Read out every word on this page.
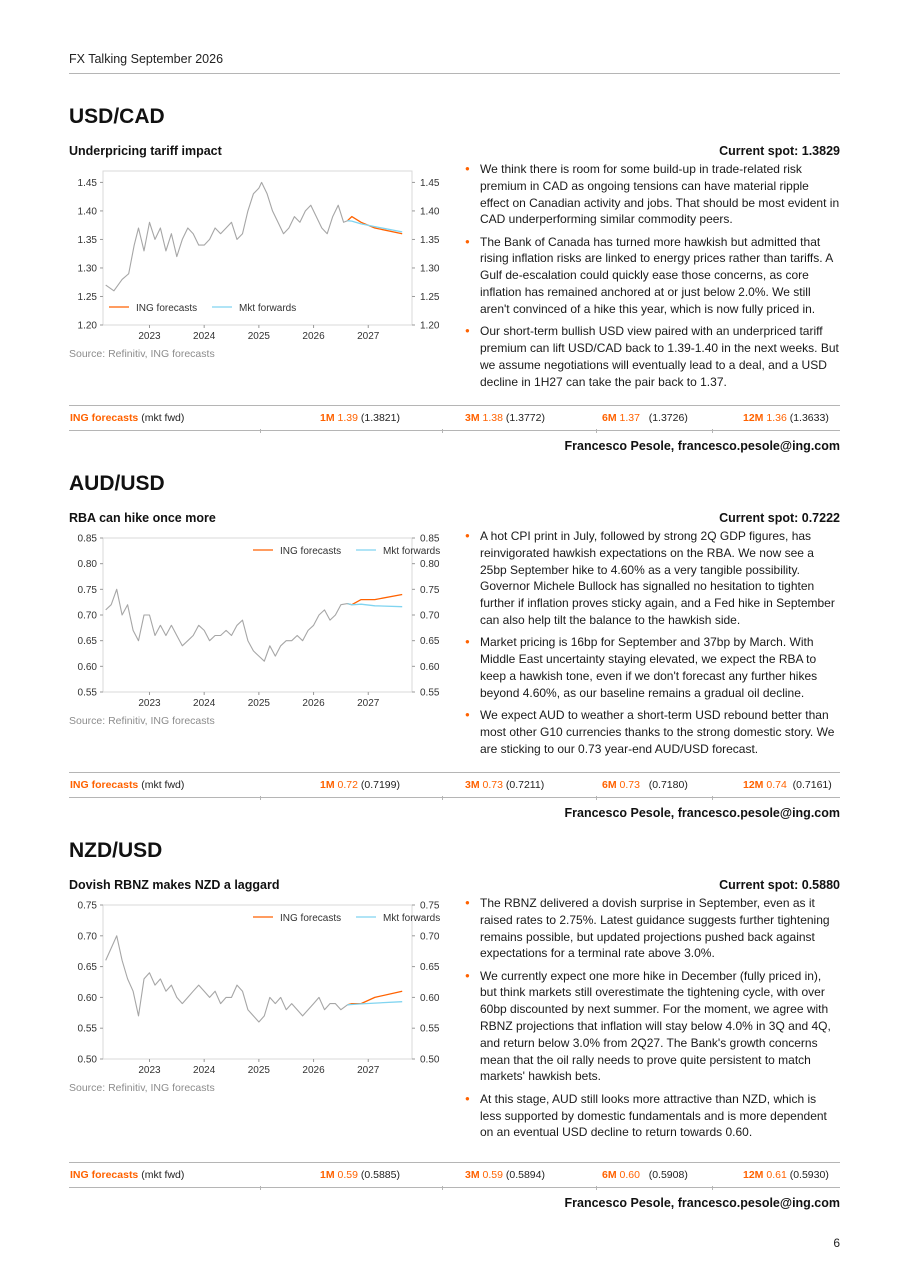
FX Talking September 2026
USD/CAD
Underpricing tariff impact	Current spot: 1.3829
1.20	1.20
1.25	1.25
1.30	1.30
1.35	1.35
1.40	1.40
1.45	1.45
2023	2024	2025	2026	2027
ING forecasts	Mkt forwards
Source: Refinitiv, ING forecasts
● We think there is room for some build-up in trade-related risk premium in CAD as ongoing tensions can have material ripple effect on Canadian activity and jobs. That should be most evident in CAD underperforming similar commodity peers.
● The Bank of Canada has turned more hawkish but admitted that rising inflation risks are linked to energy prices rather than tariffs. A Gulf de-escalation could quickly ease those concerns, as core inflation has remained anchored at or just below 2.0%. We still aren't convinced of a hike this year, which is now fully priced in.
● Our short-term bullish USD view paired with an underpriced tariff premium can lift USD/CAD back to 1.39-1.40 in the next weeks. But we assume negotiations will eventually lead to a deal, and a USD decline in 1H27 can take the pair back to 1.37.
ING forecasts (mkt fwd)	1M 1.39 (1.3821)	3M 1.38 (1.3772)	6M 1.37 (1.3726)	12M 1.36 (1.3633)
Francesco Pesole, francesco.pesole@ing.com
AUD/USD
RBA can hike once more	Current spot: 0.7222
0.55	0.55
0.60	0.60
0.65	0.65
0.70	0.70
0.75	0.75
0.80	0.80
0.85	0.85
2023	2024	2025	2026	2027
ING forecasts	Mkt forwards
Source: Refinitiv, ING forecasts
● A hot CPI print in July, followed by strong 2Q GDP figures, has reinvigorated hawkish expectations on the RBA. We now see a 25bp September hike to 4.60% as a very tangible possibility. Governor Michele Bullock has signalled no hesitation to tighten further if inflation proves sticky again, and a Fed hike in September can also help tilt the balance to the hawkish side.
● Market pricing is 16bp for September and 37bp by March. With Middle East uncertainty staying elevated, we expect the RBA to keep a hawkish tone, even if we don't forecast any further hikes beyond 4.60%, as our baseline remains a gradual oil decline.
● We expect AUD to weather a short-term USD rebound better than most other G10 currencies thanks to the strong domestic story. We are sticking to our 0.73 year-end AUD/USD forecast.
ING forecasts (mkt fwd)	1M 0.72 (0.7199)	3M 0.73 (0.7211)	6M 0.73 (0.7180)	12M 0.74 (0.7161)
Francesco Pesole, francesco.pesole@ing.com
NZD/USD
Dovish RBNZ makes NZD a laggard	Current spot: 0.5880
0.50	0.50
0.55	0.55
0.60	0.60
0.65	0.65
0.70	0.70
0.75	0.75
2023	2024	2025	2026	2027
ING forecasts	Mkt forwards
Source: Refinitiv, ING forecasts
● The RBNZ delivered a dovish surprise in September, even as it raised rates to 2.75%. Latest guidance suggests further tightening remains possible, but updated projections pushed back against expectations for a terminal rate above 3.0%.
● We currently expect one more hike in December (fully priced in), but think markets still overestimate the tightening cycle, with over 60bp discounted by next summer. For the moment, we agree with RBNZ projections that inflation will stay below 4.0% in 3Q and 4Q, and return below 3.0% from 2Q27. The Bank's growth concerns mean that the oil rally needs to prove quite persistent to match markets' hawkish bets.
● At this stage, AUD still looks more attractive than NZD, which is less supported by domestic fundamentals and is more dependent on an eventual USD decline to return towards 0.60.
ING forecasts (mkt fwd)	1M 0.59 (0.5885)	3M 0.59 (0.5894)	6M 0.60 (0.5908)	12M 0.61 (0.5930)
Francesco Pesole, francesco.pesole@ing.com
6
